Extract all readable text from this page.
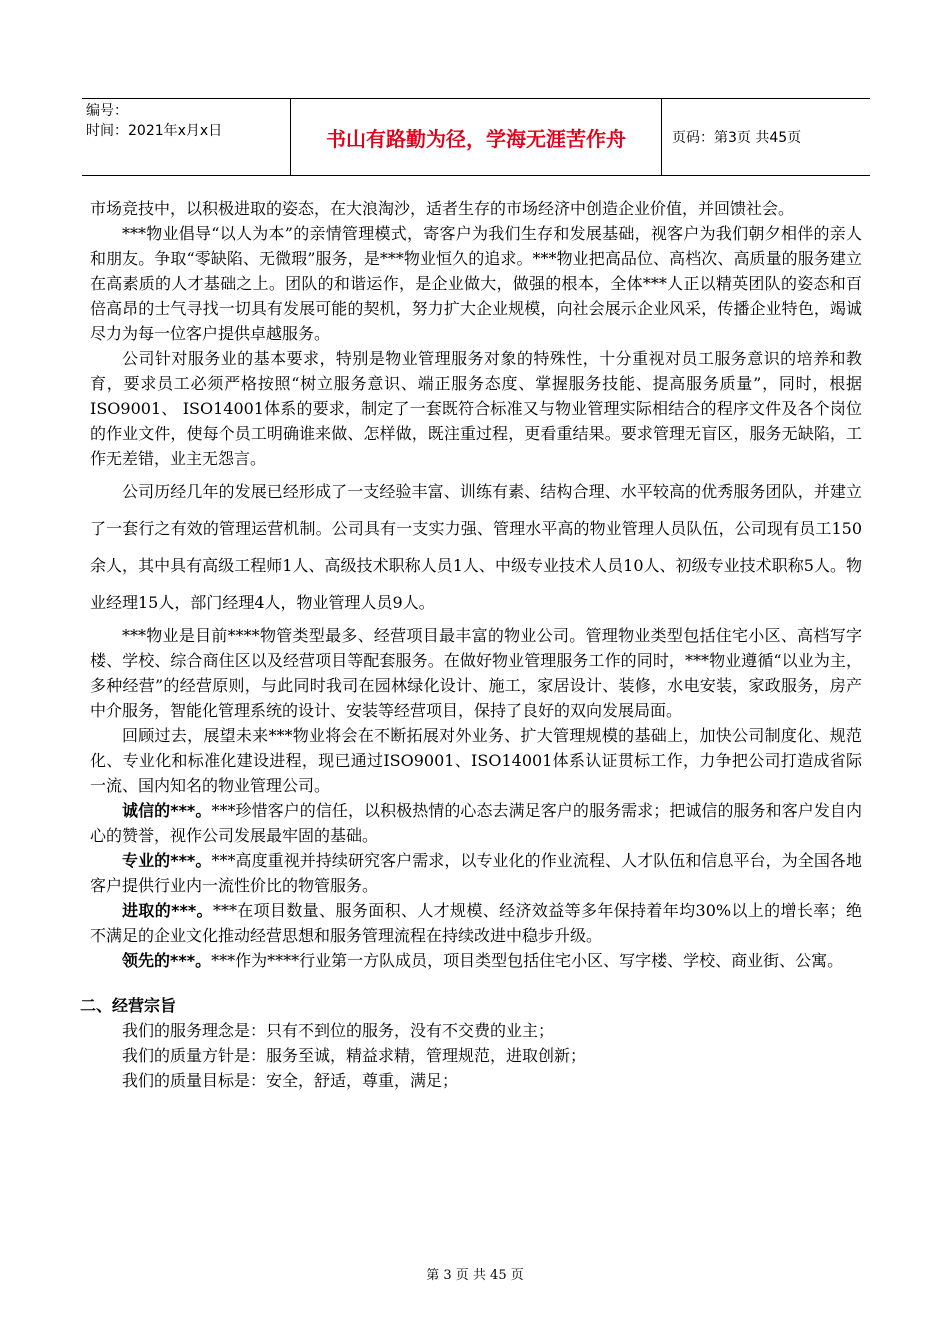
编号：
时间：2021年x月x日	书山有路勤为径，学海无涯苦作舟	页码：第3页 共45页

市场竞技中，以积极进取的姿态，在大浪淘沙，适者生存的市场经济中创造企业价值，并回馈社会。

***物业倡导“以人为本”的亲情管理模式，寄客户为我们生存和发展基础，视客户为我们朝夕相伴的亲人和朋友。争取“零缺陷、无微瑕”服务，是***物业恒久的追求。***物业把高品位、高档次、高质量的服务建立在高素质的人才基础之上。团队的和谐运作，是企业做大，做强的根本，全体***人正以精英团队的姿态和百倍高昂的士气寻找一切具有发展可能的契机，努力扩大企业规模，向社会展示企业风采，传播企业特色，竭诚尽力为每一位客户提供卓越服务。

公司针对服务业的基本要求，特别是物业管理服务对象的特殊性，十分重视对员工服务意识的培养和教育，要求员工必须严格按照“树立服务意识、端正服务态度、掌握服务技能、提高服务质量”，同时，根据ISO9001、 ISO14001体系的要求，制定了一套既符合标准又与物业管理实际相结合的程序文件及各个岗位的作业文件，使每个员工明确谁来做、怎样做，既注重过程，更看重结果。要求管理无盲区，服务无缺陷，工作无差错，业主无怨言。

公司历经几年的发展已经形成了一支经验丰富、训练有素、结构合理、水平较高的优秀服务团队，并建立了一套行之有效的管理运营机制。公司具有一支实力强、管理水平高的物业管理人员队伍，公司现有员工150余人，其中具有高级工程师1人、高级技术职称人员1人、中级专业技术人员10人、初级专业技术职称5人。物业经理15人，部门经理4人，物业管理人员9人。

***物业是目前****物管类型最多、经营项目最丰富的物业公司。管理物业类型包括住宅小区、高档写字楼、学校、综合商住区以及经营项目等配套服务。在做好物业管理服务工作的同时，***物业遵循“以业为主，多种经营”的经营原则，与此同时我司在园林绿化设计、施工，家居设计、装修，水电安装，家政服务，房产中介服务，智能化管理系统的设计、安装等经营项目，保持了良好的双向发展局面。

回顾过去，展望未来***物业将会在不断拓展对外业务、扩大管理规模的基础上，加快公司制度化、规范化、专业化和标准化建设进程，现已通过ISO9001、ISO14001体系认证贯标工作，力争把公司打造成省际一流、国内知名的物业管理公司。

诚信的***。***珍惜客户的信任，以积极热情的心态去满足客户的服务需求；把诚信的服务和客户发自内心的赞誉，视作公司发展最牢固的基础。

专业的***。***高度重视并持续研究客户需求，以专业化的作业流程、人才队伍和信息平台，为全国各地客户提供行业内一流性价比的物管服务。

进取的***。***在项目数量、服务面积、人才规模、经济效益等多年保持着年均30%以上的增长率；绝不满足的企业文化推动经营思想和服务管理流程在持续改进中稳步升级。

领先的***。***作为****行业第一方队成员，项目类型包括住宅小区、写字楼、学校、商业街、公寓。

二、经营宗旨

我们的服务理念是：只有不到位的服务，没有不交费的业主；

我们的质量方针是：服务至诚，精益求精，管理规范，进取创新；

我们的质量目标是：安全，舒适，尊重，满足；

第 3 页 共 45 页
